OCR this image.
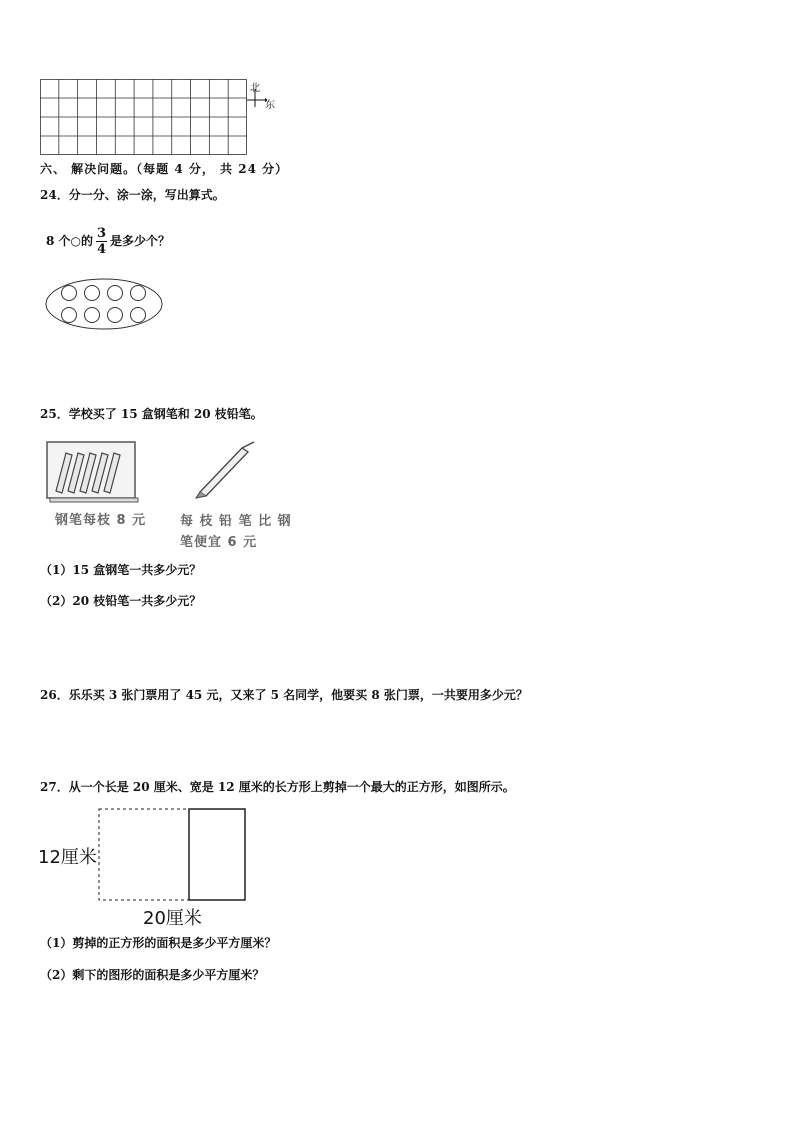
北
东
六、 解决问题。（每题 4 分， 共 24 分）
24．分一分、涂一涂，写出算式。
8 个○的 $\frac{3}{4}$ 是多少个？
25．学校买了 15 盒钢笔和 20 枝铅笔。
钢笔每枝 8 元	每 枝 铅 笔 比 钢
笔便宜 6 元
（1）15 盒钢笔一共多少元？
（2）20 枝铅笔一共多少元？
26．乐乐买 3 张门票用了 45 元，又来了 5 名同学，他要买 8 张门票，一共要用多少元？
27．从一个长是 20 厘米、宽是 12 厘米的长方形上剪掉一个最大的正方形，如图所示。
12厘米
20厘米
（1）剪掉的正方形的面积是多少平方厘米？
（2）剩下的图形的面积是多少平方厘米？
